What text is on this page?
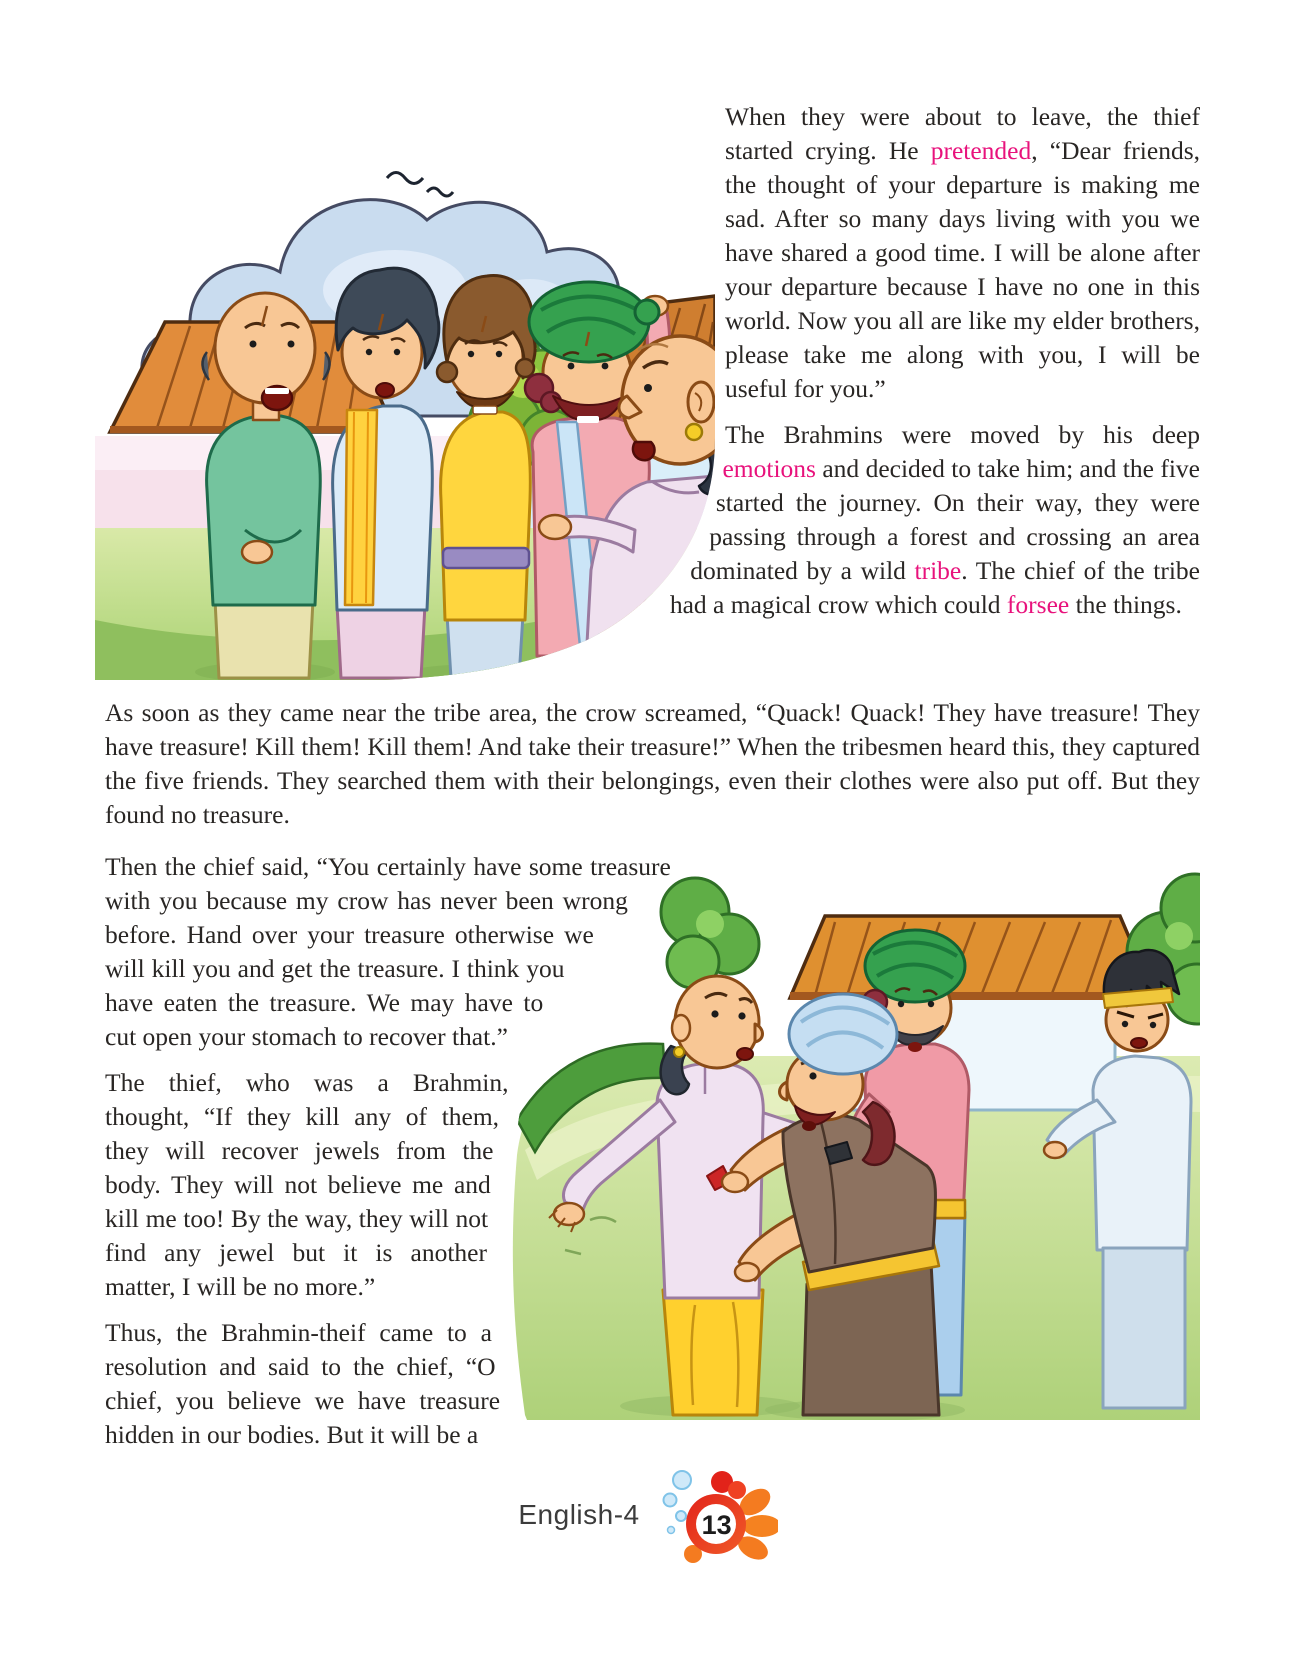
When they were about to leave, the thief started crying. He pretended, “Dear friends, the thought of your departure is making me sad. After so many days living with you we have shared a good time. I will be alone after your departure because I have no one in this world. Now you all are like my elder brothers, please take me along with you, I will be useful for you.”

The Brahmins were moved by his deep emotions and decided to take him; and the five started the journey. On their way, they were passing through a forest and crossing an area dominated by a wild tribe. The chief of the tribe had a magical crow which could forsee the things.

As soon as they came near the tribe area, the crow screamed, “Quack! Quack! They have treasure! They have treasure! Kill them! Kill them! And take their treasure!” When the tribesmen heard this, they captured the five friends. They searched them with their belongings, even their clothes were also put off. But they found no treasure.

Then the chief said, “You certainly have some treasure with you because my crow has never been wrong before. Hand over your treasure otherwise we will kill you and get the treasure. I think you have eaten the treasure. We may have to cut open your stomach to recover that.”

The thief, who was a Brahmin, thought, “If they kill any of them, they will recover jewels from the body. They will not believe me and kill me too! By the way, they will not find any jewel but it is another matter, I will be no more.”

Thus, the Brahmin-theif came to a resolution and said to the chief, “O chief, you believe we have treasure hidden in our bodies. But it will be a

English-4 13
